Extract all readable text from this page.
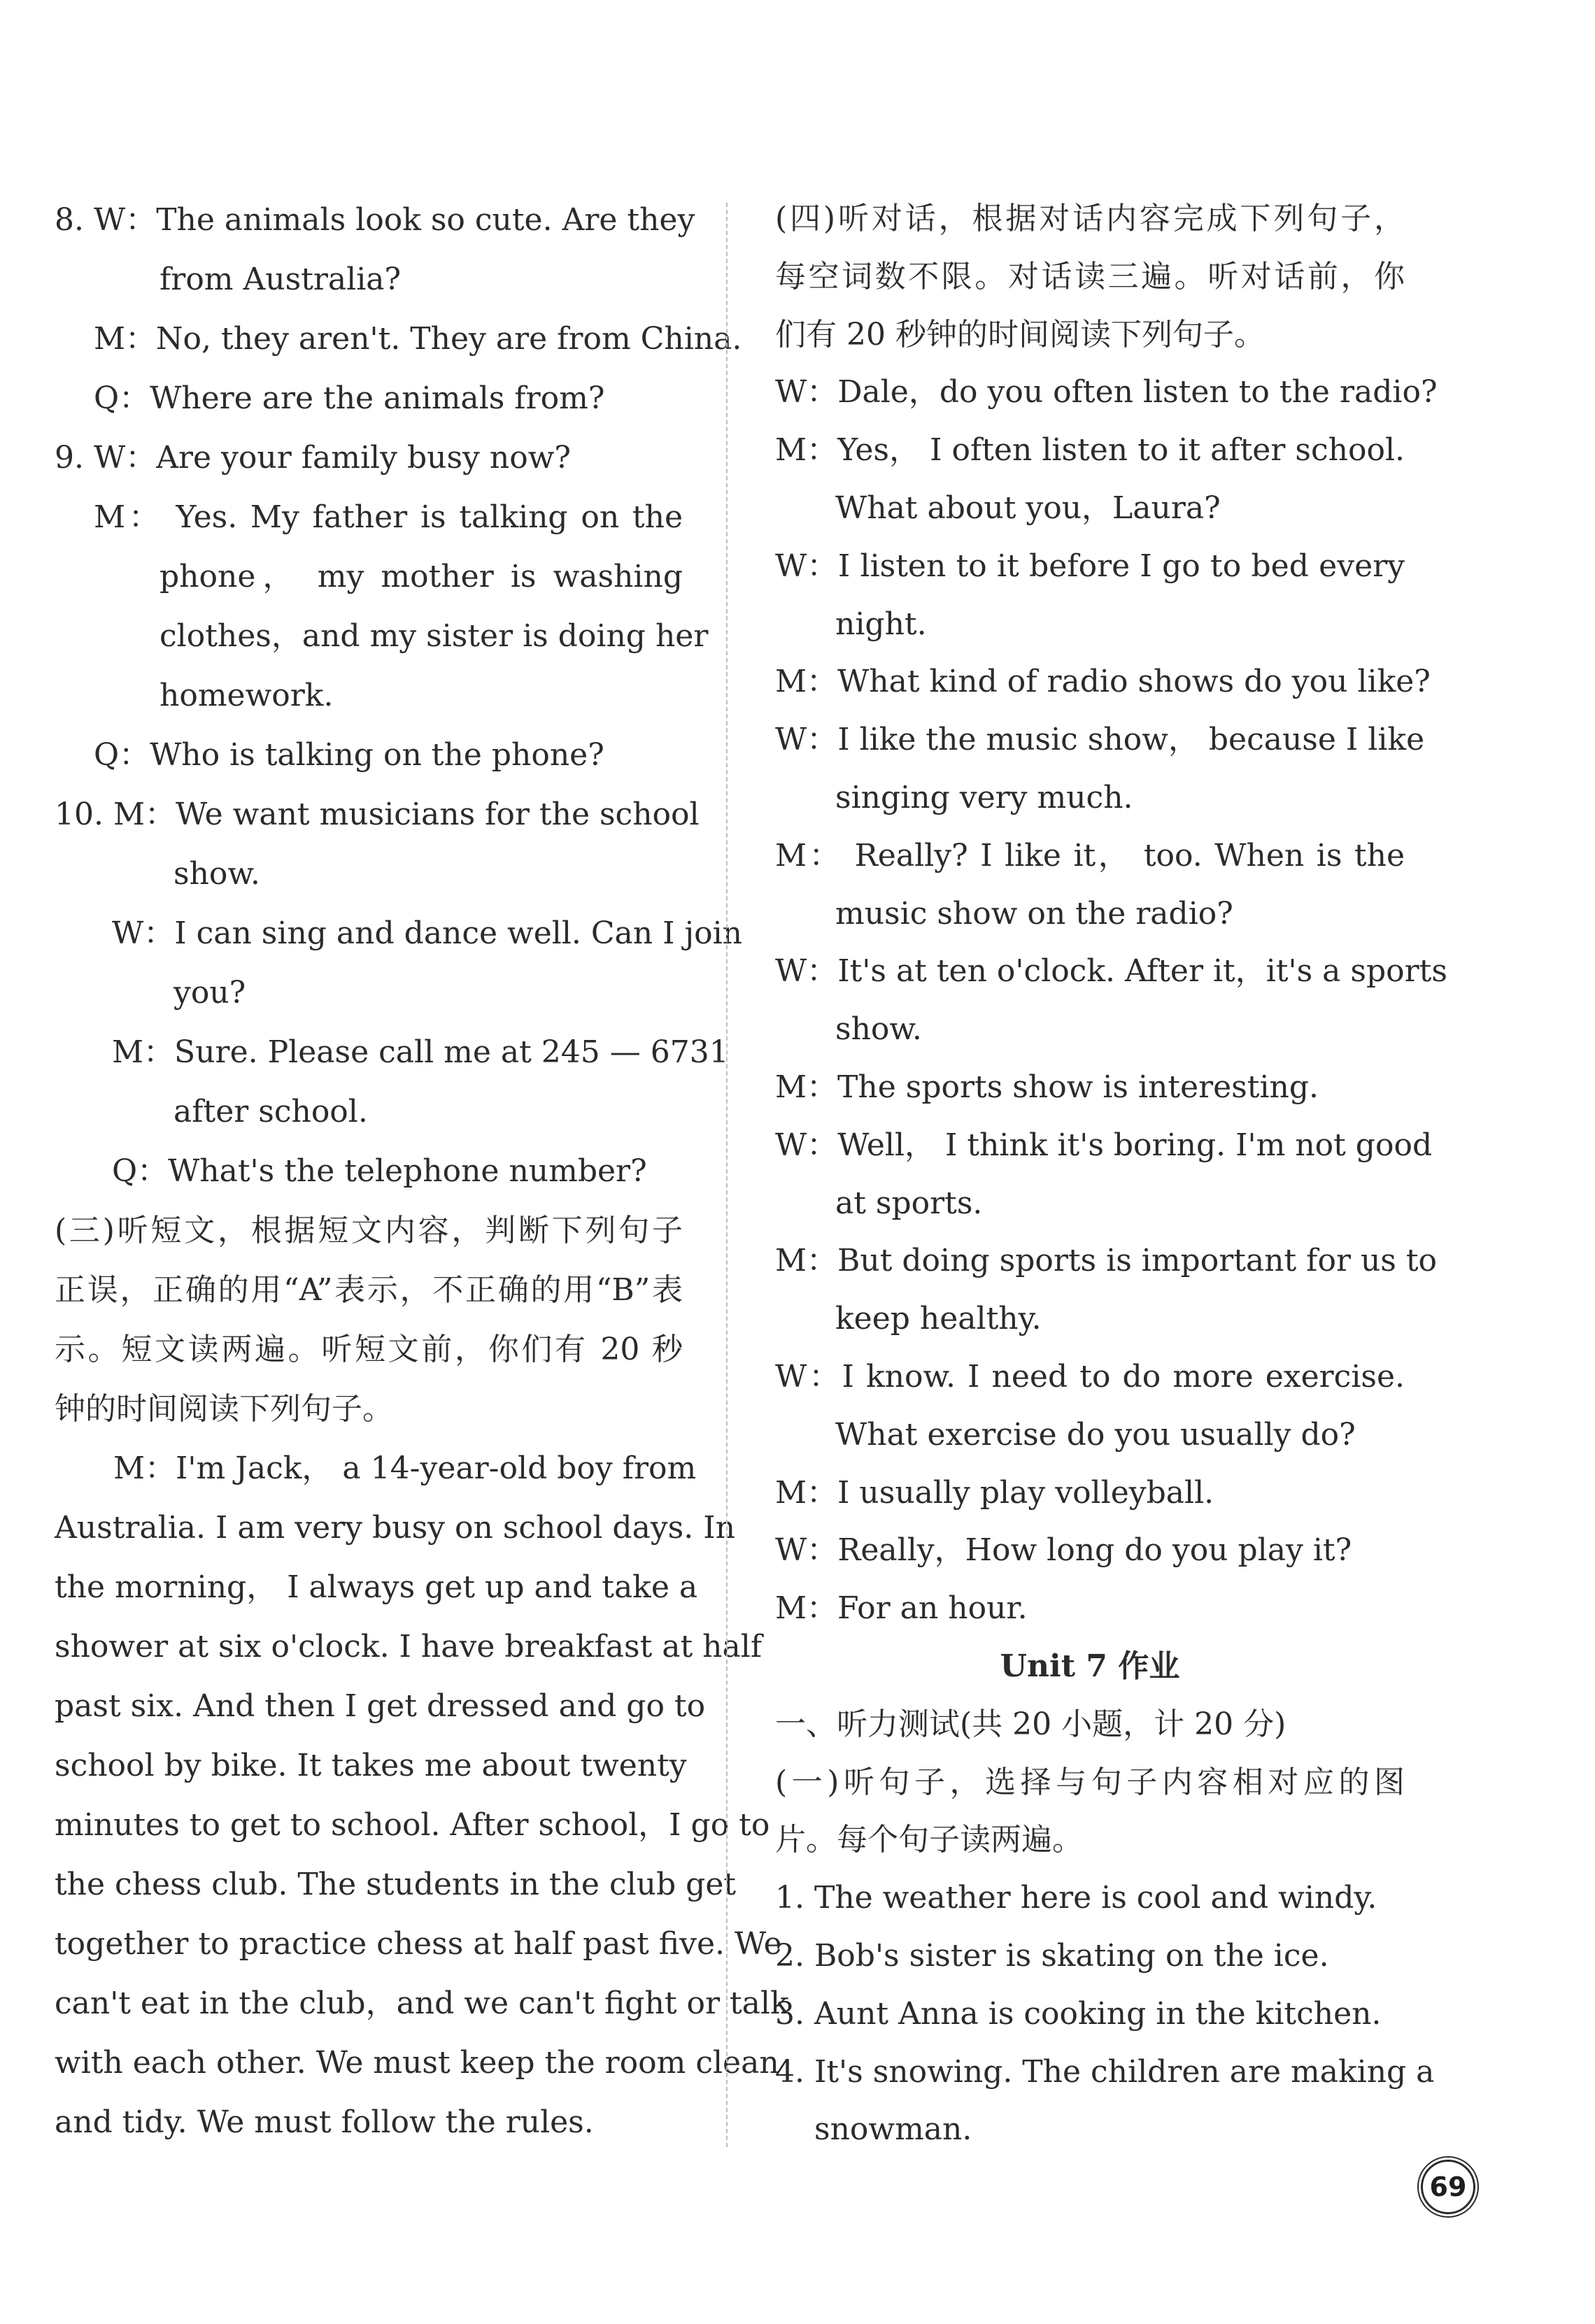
8. W：The animals look so cute. Are they
from Australia?
M：No, they aren't. They are from China.
Q：Where are the animals from?
9. W：Are your family busy now?
M： Yes. My father is talking on the
phone， my mother is washing
clothes，and my sister is doing her
homework.
Q：Who is talking on the phone?
10. M：We want musicians for the school
show.
W：I can sing and dance well. Can I join
you?
M：Sure. Please call me at 245 — 6731
after school.
Q：What's the telephone number?
(三)听短文，根据短文内容，判断下列句子
正误，正确的用“A”表示，不正确的用“B”表
示。短文读两遍。听短文前，你们有 20 秒
钟的时间阅读下列句子。
M：I'm Jack， a 14-year-old boy from
Australia. I am very busy on school days. In
the morning， I always get up and take a
shower at six o'clock. I have breakfast at half
past six. And then I get dressed and go to
school by bike. It takes me about twenty
minutes to get to school. After school，I go to
the chess club. The students in the club get
together to practice chess at half past five. We
can't eat in the club，and we can't fight or talk
with each other. We must keep the room clean
and tidy. We must follow the rules.
(四)听对话，根据对话内容完成下列句子，
每空词数不限。对话读三遍。听对话前，你
们有 20 秒钟的时间阅读下列句子。
W：Dale，do you often listen to the radio?
M：Yes， I often listen to it after school.
What about you，Laura?
W：I listen to it before I go to bed every
night.
M：What kind of radio shows do you like?
W：I like the music show， because I like
singing very much.
M： Really? I like it， too. When is the
music show on the radio?
W：It's at ten o'clock. After it，it's a sports
show.
M：The sports show is interesting.
W：Well， I think it's boring. I'm not good
at sports.
M：But doing sports is important for us to
keep healthy.
W：I know. I need to do more exercise.
What exercise do you usually do?
M：I usually play volleyball.
W：Really，How long do you play it?
M：For an hour.
Unit 7 作业
一、听力测试(共 20 小题，计 20 分)
(一)听句子，选择与句子内容相对应的图
片。每个句子读两遍。
1. The weather here is cool and windy.
2. Bob's sister is skating on the ice.
3. Aunt Anna is cooking in the kitchen.
4. It's snowing. The children are making a
snowman.
69
